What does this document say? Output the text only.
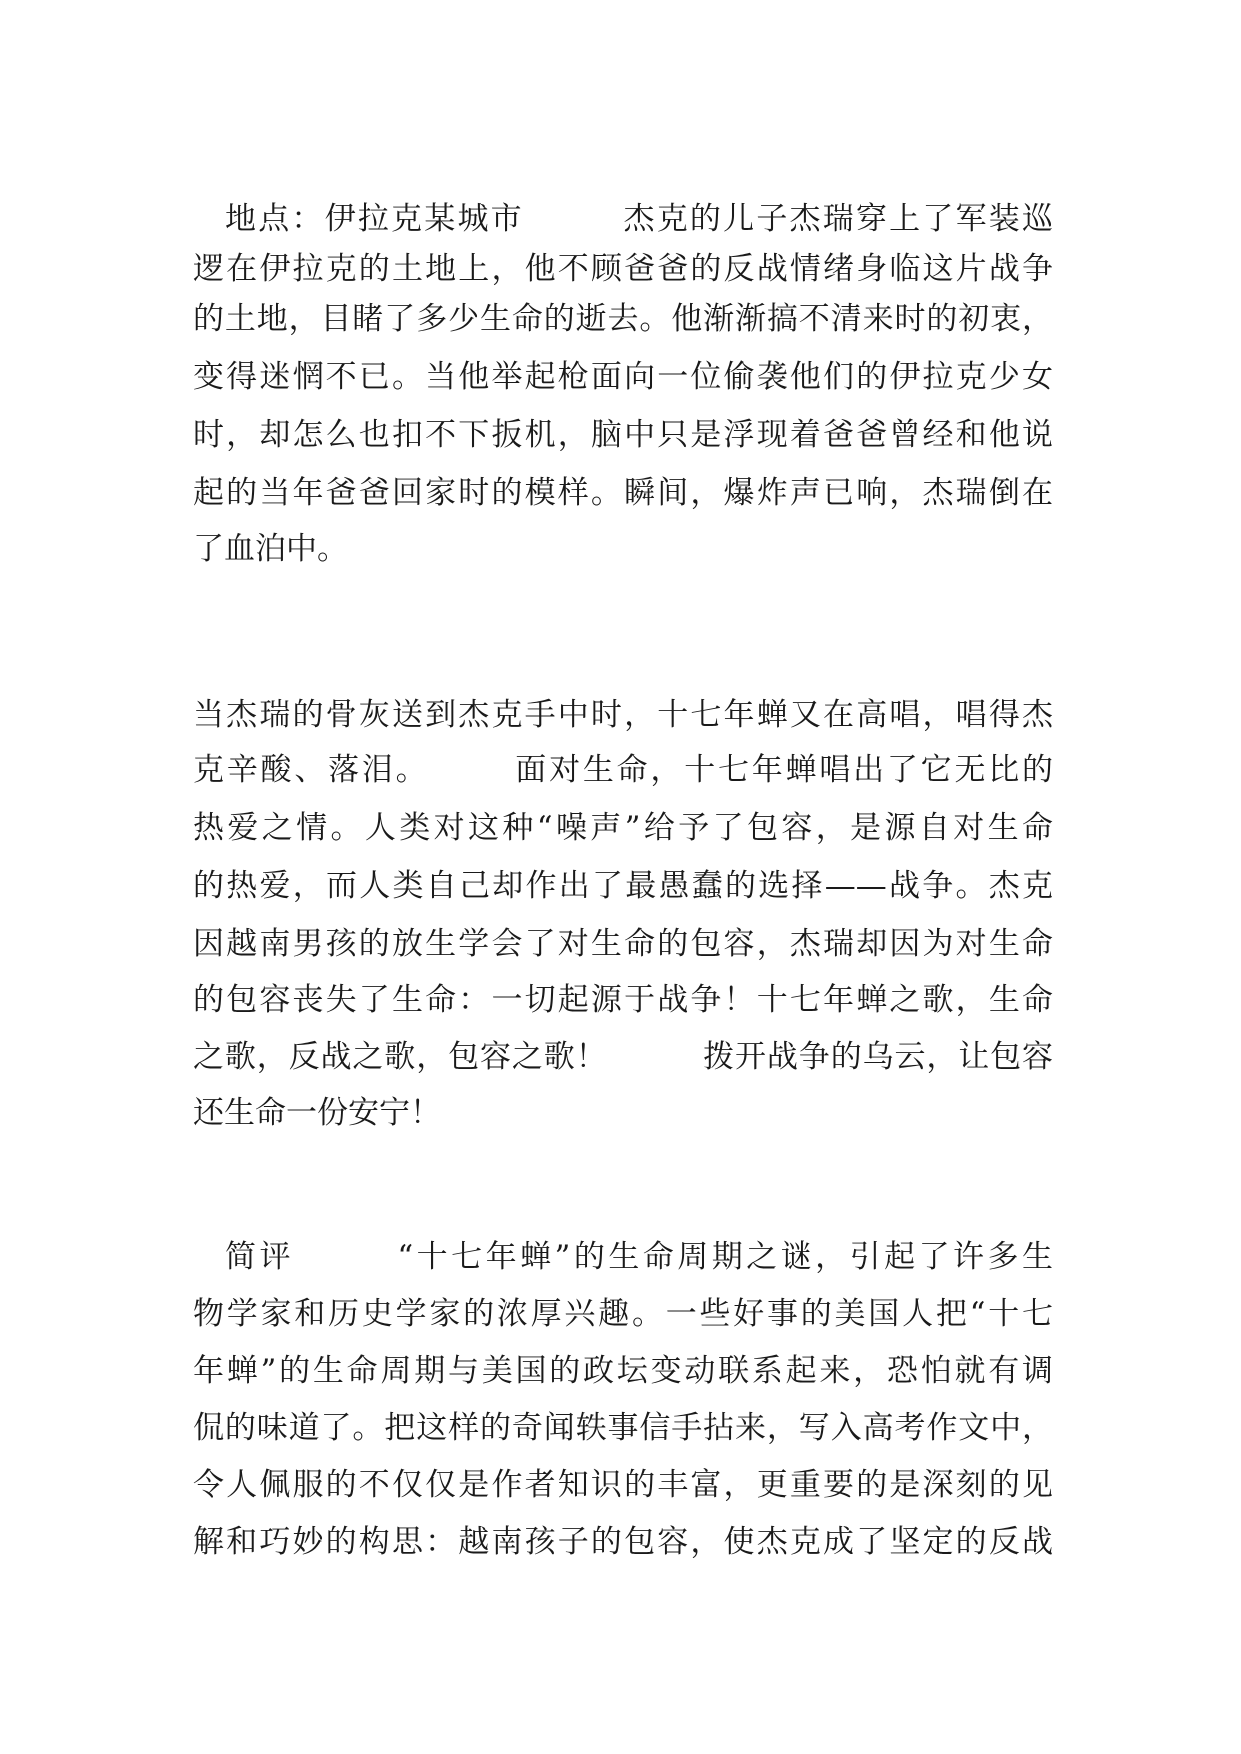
地点：伊拉克某城市　　　杰克的儿子杰瑞穿上了军装巡
逻在伊拉克的土地上，他不顾爸爸的反战情绪身临这片战争
的土地，目睹了多少生命的逝去。他渐渐搞不清来时的初衷，
变得迷惘不已。当他举起枪面向一位偷袭他们的伊拉克少女
时，却怎么也扣不下扳机，脑中只是浮现着爸爸曾经和他说
起的当年爸爸回家时的模样。瞬间，爆炸声已响，杰瑞倒在
了血泊中。
当杰瑞的骨灰送到杰克手中时，十七年蝉又在高唱，唱得杰
克辛酸、落泪。　　　面对生命，十七年蝉唱出了它无比的
热爱之情。人类对这种“噪声”给予了包容，是源自对生命
的热爱，而人类自己却作出了最愚蠢的选择——战争。杰克
因越南男孩的放生学会了对生命的包容，杰瑞却因为对生命
的包容丧失了生命：一切起源于战争！十七年蝉之歌，生命
之歌，反战之歌，包容之歌！　　　拨开战争的乌云，让包容
还生命一份安宁！
简评　　　“十七年蝉”的生命周期之谜，引起了许多生
物学家和历史学家的浓厚兴趣。一些好事的美国人把“十七
年蝉”的生命周期与美国的政坛变动联系起来，恐怕就有调
侃的味道了。把这样的奇闻轶事信手拈来，写入高考作文中，
令人佩服的不仅仅是作者知识的丰富，更重要的是深刻的见
解和巧妙的构思：越南孩子的包容，使杰克成了坚定的反战
